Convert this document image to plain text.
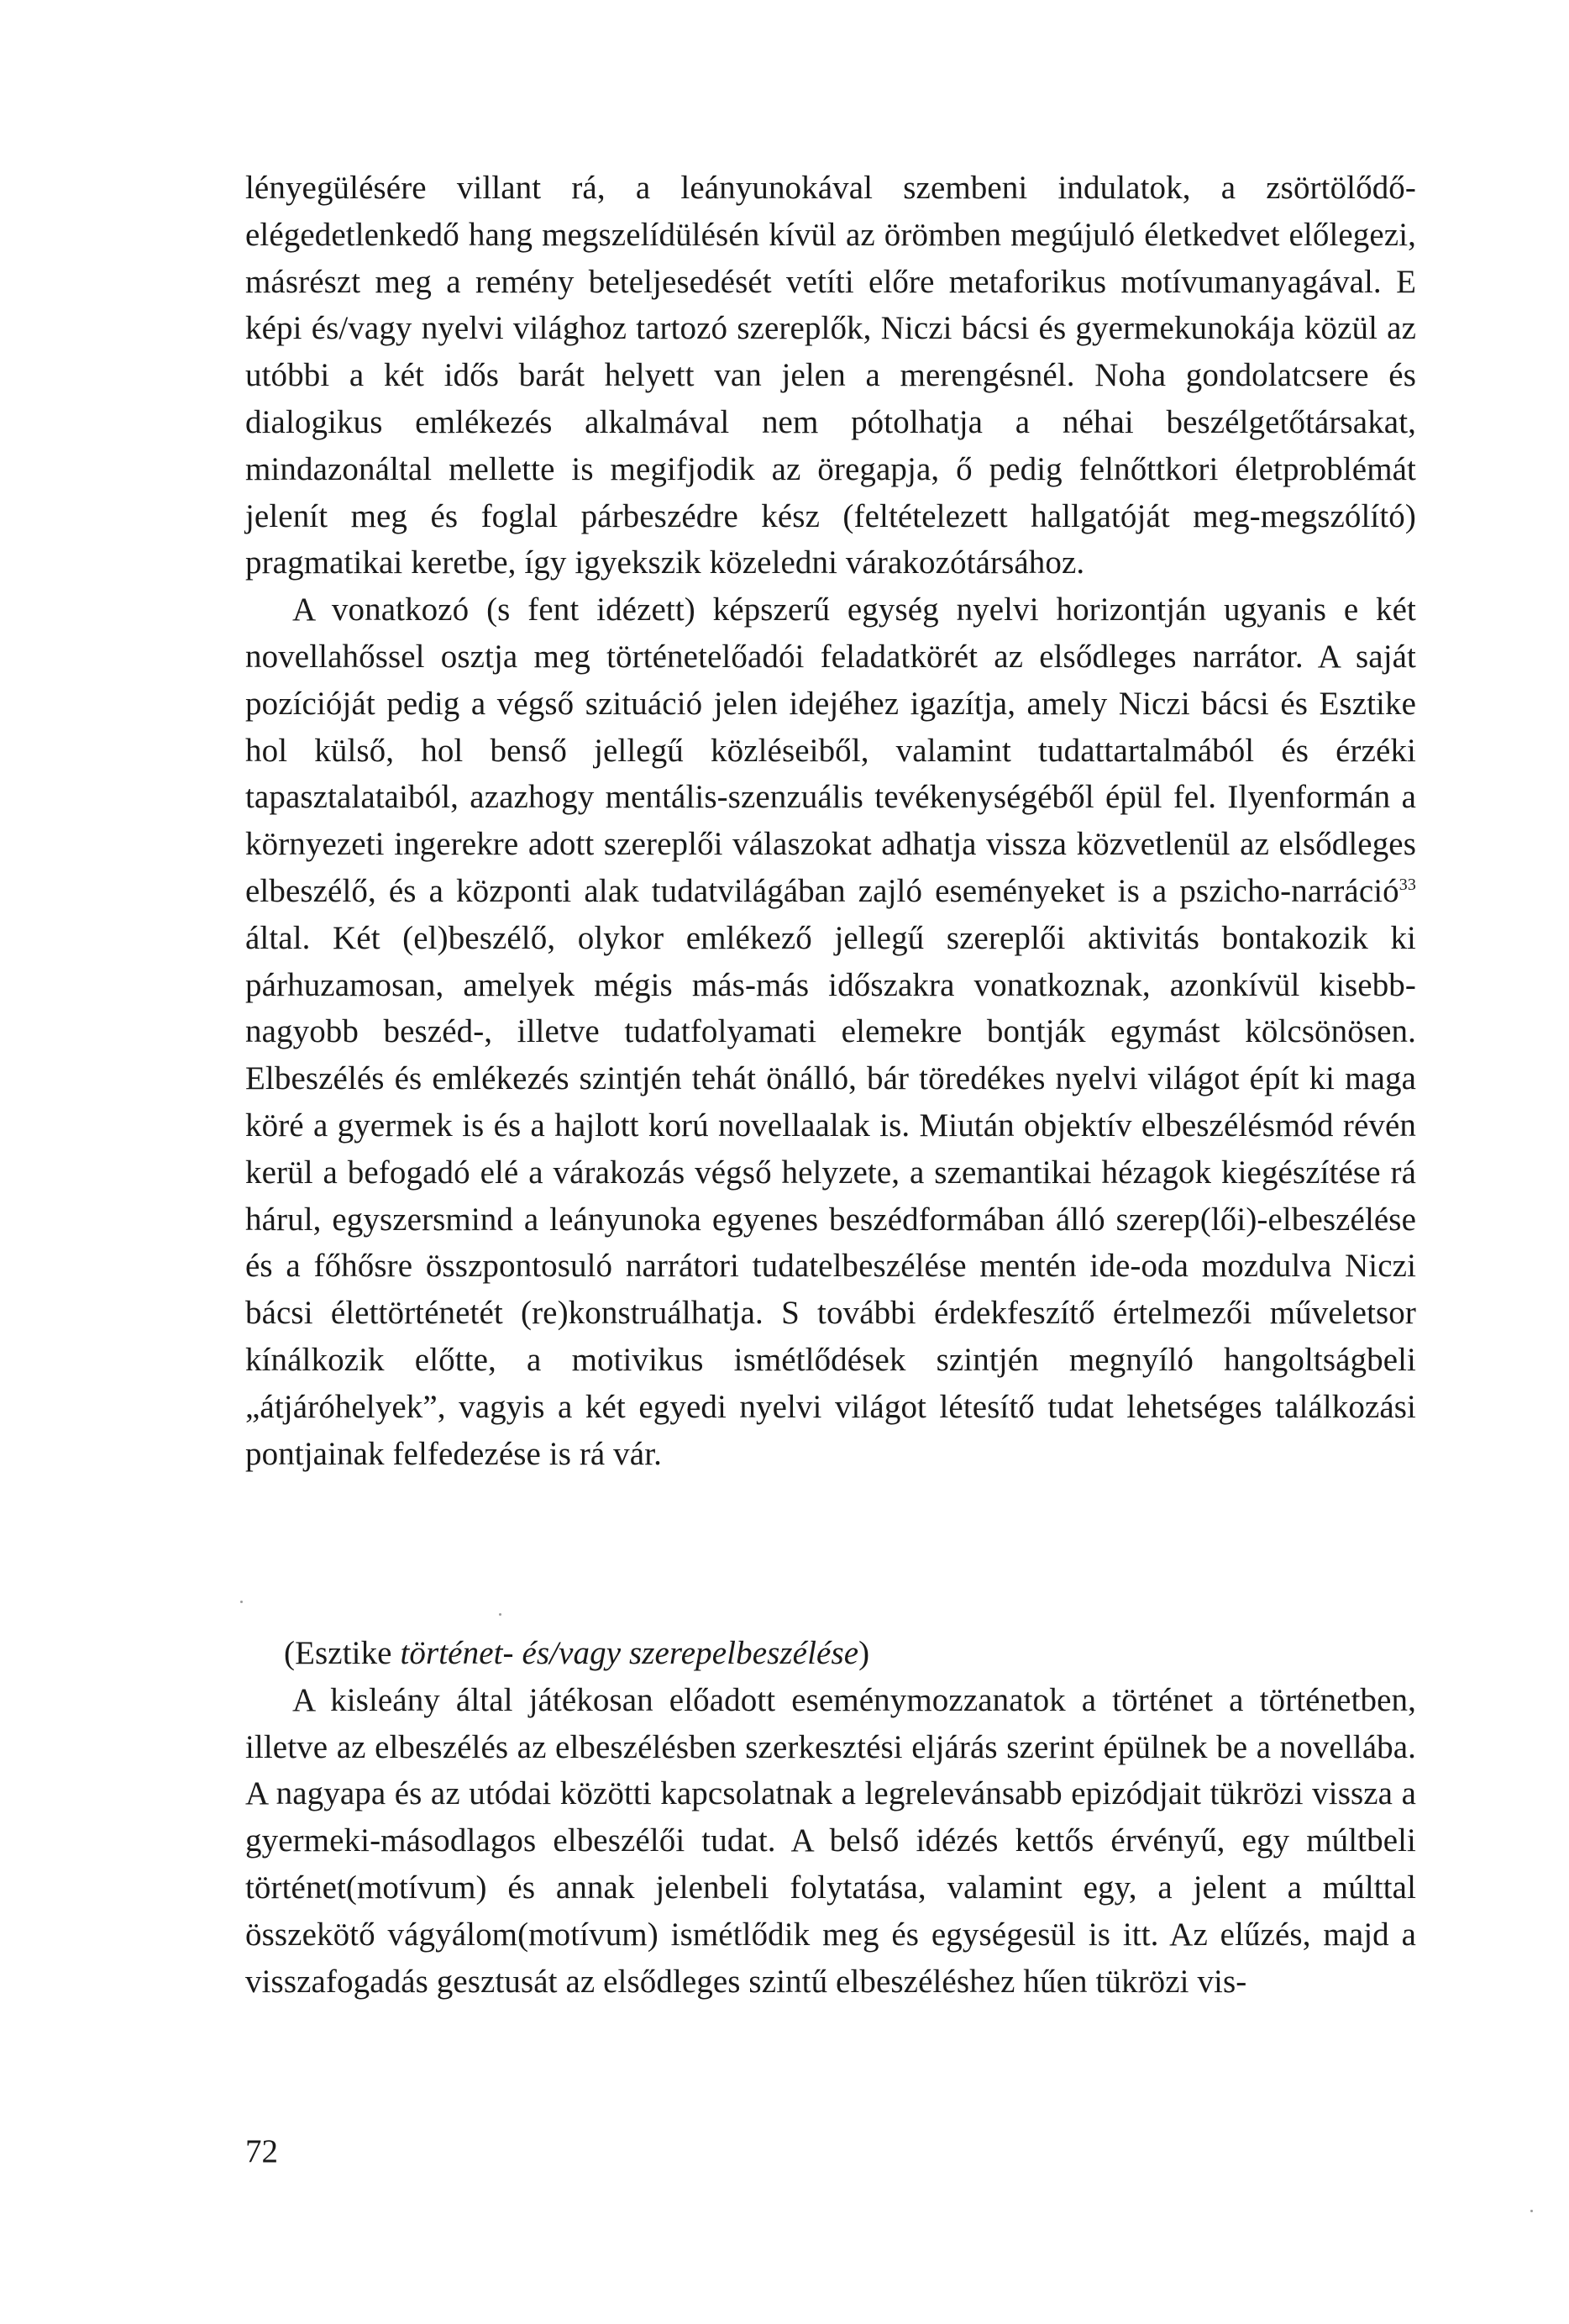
lényegülésére villant rá, a leányunokával szembeni indulatok, a zsörtölődő-elégedetlenkedő hang megszelídülésén kívül az örömben megújuló életkedvet előlegezi, másrészt meg a remény beteljesedését vetíti előre metaforikus motívumanyagával. E képi és/vagy nyelvi világhoz tartozó szereplők, Niczi bácsi és gyermekunokája közül az utóbbi a két idős barát helyett van jelen a merengésnél. Noha gondolatcsere és dialogikus emlékezés alkalmával nem pótolhatja a néhai beszélgetőtársakat, mindazonáltal mellette is megifjodik az öregapja, ő pedig felnőttkori életproblémát jelenít meg és foglal párbeszédre kész (feltételezett hallgatóját meg-megszólító) pragmatikai keretbe, így igyekszik közeledni várakozótársához.

A vonatkozó (s fent idézett) képszerű egység nyelvi horizontján ugyanis e két novellahőssel osztja meg történetelőadói feladatkörét az elsődleges narrátor. A saját pozícióját pedig a végső szituáció jelen idejéhez igazítja, amely Niczi bácsi és Esztike hol külső, hol benső jellegű közléseiből, valamint tudattartalmából és érzéki tapasztalataiból, azazhogy mentális-szenzuális tevékenységéből épül fel. Ilyenformán a környezeti ingerekre adott szereplői válaszokat adhatja vissza közvetlenül az elsődleges elbeszélő, és a központi alak tudatvilágában zajló eseményeket is a pszicho-narráció$^{33}$ által. Két (el)beszélő, olykor emlékező jellegű szereplői aktivitás bontakozik ki párhuzamosan, amelyek mégis más-más időszakra vonatkoznak, azonkívül kisebb-nagyobb beszéd-, illetve tudatfolyamati elemekre bontják egymást kölcsönösen. Elbeszélés és emlékezés szintjén tehát önálló, bár töredékes nyelvi világot épít ki maga köré a gyermek is és a hajlott korú novellaalak is. Miután objektív elbeszélésmód révén kerül a befogadó elé a várakozás végső helyzete, a szemantikai hézagok kiegészítése rá hárul, egyszersmind a leányunoka egyenes beszédformában álló szerep(lői)-elbeszélése és a főhősre összpontosuló narrátori tudatelbeszélése mentén ide-oda mozdulva Niczi bácsi élettörténetét (re)konstruálhatja. S további érdekfeszítő értelmezői műveletsor kínálkozik előtte, a motivikus ismétlődések szintjén megnyíló hangoltságbeli „átjáróhelyek”, vagyis a két egyedi nyelvi világot létesítő tudat lehetséges találkozási pontjainak felfedezése is rá vár.

(Esztike történet- és/vagy szerepelbeszélése)

A kisleány által játékosan előadott eseménymozzanatok a történet a történetben, illetve az elbeszélés az elbeszélésben szerkesztési eljárás szerint épülnek be a novellába. A nagyapa és az utódai közötti kapcsolatnak a legrelevánsabb epizódjait tükrözi vissza a gyermeki-másodlagos elbeszélői tudat. A belső idézés kettős érvényű, egy múltbeli történet(motívum) és annak jelenbeli folytatása, valamint egy, a jelent a múlttal összekötő vágyálom(motívum) ismétlődik meg és egységesül is itt. Az elűzés, majd a visszafogadás gesztusát az elsődleges szintű elbeszéléshez hűen tükrözi vis-

72
